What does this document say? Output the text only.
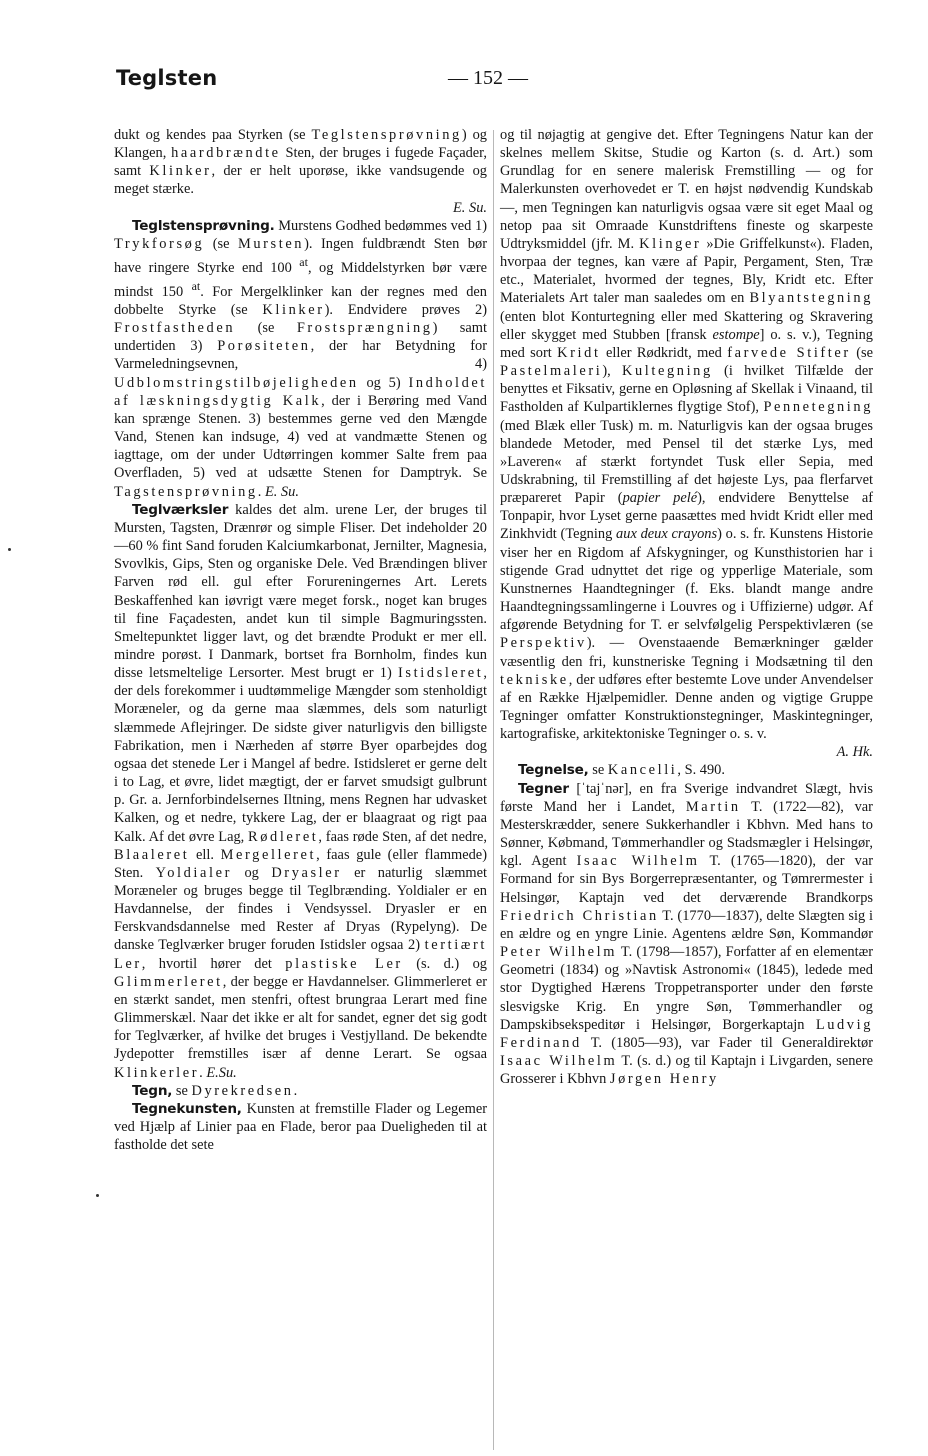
Teglsten	— 152 —

dukt og kendes paa Styrken (se Teglstensprøvning) og Klangen, haardbrændte Sten, der bruges i fugede Façader, samt Klinker, der er helt uporøse, ikke vandsugende og meget stærke.
E. Su.

Teglstensprøvning. Murstens Godhed bedømmes ved 1) Trykforsøg (se Mursten). Ingen fuldbrændt Sten bør have ringere Styrke end 100 $^{at}$, og Middelstyrken bør være mindst 150 $^{at}$. For Mergelklinker kan der regnes med den dobbelte Styrke (se Klinker). Endvidere prøves 2) Frostfastheden (se Frostsprængning) samt undertiden 3) Porøsiteten, der har Betydning for Varmeledningsevnen, 4) Udblomstringstilbøjeligheden og 5) Indholdet af læskningsdygtig Kalk, der i Berøring med Vand kan sprænge Stenen. 3) bestemmes gerne ved den Mængde Vand, Stenen kan indsuge, 4) ved at vandmætte Stenen og iagttage, om der under Udtørringen kommer Salte frem paa Overfladen, 5) ved at udsætte Stenen for Damptryk. Se Tagstensprøvning. E. Su.

Teglværksler kaldes det alm. urene Ler, der bruges til Mursten, Tagsten, Drænrør og simple Fliser. Det indeholder 20—60 % fint Sand foruden Kalciumkarbonat, Jernilter, Magnesia, Svovlkis, Gips, Sten og organiske Dele. Ved Brændingen bliver Farven rød ell. gul efter Forureningernes Art. Lerets Beskaffenhed kan iøvrigt være meget forsk., noget kan bruges til fine Façadesten, andet kun til simple Bagmuringssten. Smeltepunktet ligger lavt, og det brændte Produkt er mer ell. mindre porøst. I Danmark, bortset fra Bornholm, findes kun disse letsmeltelige Lersorter. Mest brugt er 1) Istidsleret, der dels forekommer i uudtømmelige Mængder som stenholdigt Moræneler, og da gerne maa slæmmes, dels som naturligt slæmmede Aflejringer. De sidste giver naturligvis den billigste Fabrikation, men i Nærheden af større Byer oparbejdes dog ogsaa det stenede Ler i Mangel af bedre. Istidsleret er gerne delt i to Lag, et øvre, lidet mægtigt, der er farvet smudsigt gulbrunt p. Gr. a. Jernforbindelsernes Iltning, mens Regnen har udvasket Kalken, og et nedre, tykkere Lag, der er blaagraat og rigt paa Kalk. Af det øvre Lag, Rødleret, faas røde Sten, af det nedre, Blaaleret ell. Mergelleret, faas gule (eller flammede) Sten. Yoldialer og Dryasler er naturlig slæmmet Moræneler og bruges begge til Teglbrænding. Yoldialer er en Havdannelse, der findes i Vendsyssel. Dryasler er en Ferskvandsdannelse med Rester af Dryas (Rypelyng). De danske Teglværker bruger foruden Istidsler ogsaa 2) tertiært Ler, hvortil hører det plastiske Ler (s. d.) og Glimmerleret, der begge er Havdannelser. Glimmerleret er en stærkt sandet, men stenfri, oftest brungraa Lerart med fine Glimmerskæl. Naar det ikke er alt for sandet, egner det sig godt for Teglværker, af hvilke det bruges i Vestjylland. De bekendte Jydepotter fremstilles især af denne Lerart. Se ogsaa Klinkerler. E.Su.

Tegn, se Dyrekredsen.

Tegnekunsten, Kunsten at fremstille Flader og Legemer ved Hjælp af Linier paa en Flade, beror paa Dueligheden til at fastholde det sete

og til nøjagtig at gengive det. Efter Tegningens Natur kan der skelnes mellem Skitse, Studie og Karton (s. d. Art.) som Grundlag for en senere malerisk Fremstilling — og for Malerkunsten overhovedet er T. en højst nødvendig Kundskab —, men Tegningen kan naturligvis ogsaa være sit eget Maal og netop paa sit Omraade Kunstdriftens fineste og skarpeste Udtryksmiddel (jfr. M. Klinger »Die Griffelkunst«). Fladen, hvorpaa der tegnes, kan være af Papir, Pergament, Sten, Træ etc., Materialet, hvormed der tegnes, Bly, Kridt etc. Efter Materialets Art taler man saaledes om en Blyantstegning (enten blot Konturtegning eller med Skattering og Skravering eller skygget med Stubben [fransk estompe] o. s. v.), Tegning med sort Kridt eller Rødkridt, med farvede Stifter (se Pastelmaleri), Kultegning (i hvilket Tilfælde der benyttes et Fiksativ, gerne en Opløsning af Skellak i Vinaand, til Fastholden af Kulpartiklernes flygtige Stof), Pennetegning (med Blæk eller Tusk) m. m. Naturligvis kan der ogsaa bruges blandede Metoder, med Pensel til det stærke Lys, med »Laveren« af stærkt fortyndet Tusk eller Sepia, med Udskrabning, til Fremstilling af det højeste Lys, paa flerfarvet præpareret Papir (papier pelé), endvidere Benyttelse af Tonpapir, hvor Lyset gerne paasættes med hvidt Kridt eller med Zinkhvidt (Tegning aux deux crayons) o. s. fr. Kunstens Historie viser her en Rigdom af Afskygninger, og Kunsthistorien har i stigende Grad udnyttet det rige og ypperlige Materiale, som Kunstnernes Haandtegninger (f. Eks. blandt mange andre Haandtegningssamlingerne i Louvres og i Uffizierne) udgør. Af afgørende Betydning for T. er selvfølgelig Perspektivlæren (se Perspektiv). — Ovenstaaende Bemærkninger gælder væsentlig den fri, kunstneriske Tegning i Modsætning til den tekniske, der udføres efter bestemte Love under Anvendelser af en Række Hjælpemidler. Denne anden og vigtige Gruppe Tegninger omfatter Konstruktionstegninger, Maskintegninger, kartografiske, arkitektoniske Tegninger o. s. v.
A. Hk.

Tegnelse, se Kancelli, S. 490.

Tegner [ˈtajˈnər], en fra Sverige indvandret Slægt, hvis første Mand her i Landet, Martin T. (1722—82), var Mesterskrædder, senere Sukkerhandler i Kbhvn. Med hans to Sønner, Købmand, Tømmerhandler og Stadsmægler i Helsingør, kgl. Agent Isaac Wilhelm T. (1765—1820), der var Formand for sin Bys Borgerrepræsentanter, og Tømrermester i Helsingør, Kaptajn ved det derværende Brandkorps Friedrich Christian T. (1770—1837), delte Slægten sig i en ældre og en yngre Linie. Agentens ældre Søn, Kommandør Peter Wilhelm T. (1798—1857), Forfatter af en elementær Geometri (1834) og »Navtisk Astronomi« (1845), ledede med stor Dygtighed Hærens Troppetransporter under den første slesvigske Krig. En yngre Søn, Tømmerhandler og Dampskibsekspeditør i Helsingør, Borgerkaptajn Ludvig Ferdinand T. (1805—93), var Fader til Generaldirektør Isaac Wilhelm T. (s. d.) og til Kaptajn i Livgarden, senere Grosserer i Kbhvn Jørgen Henry
